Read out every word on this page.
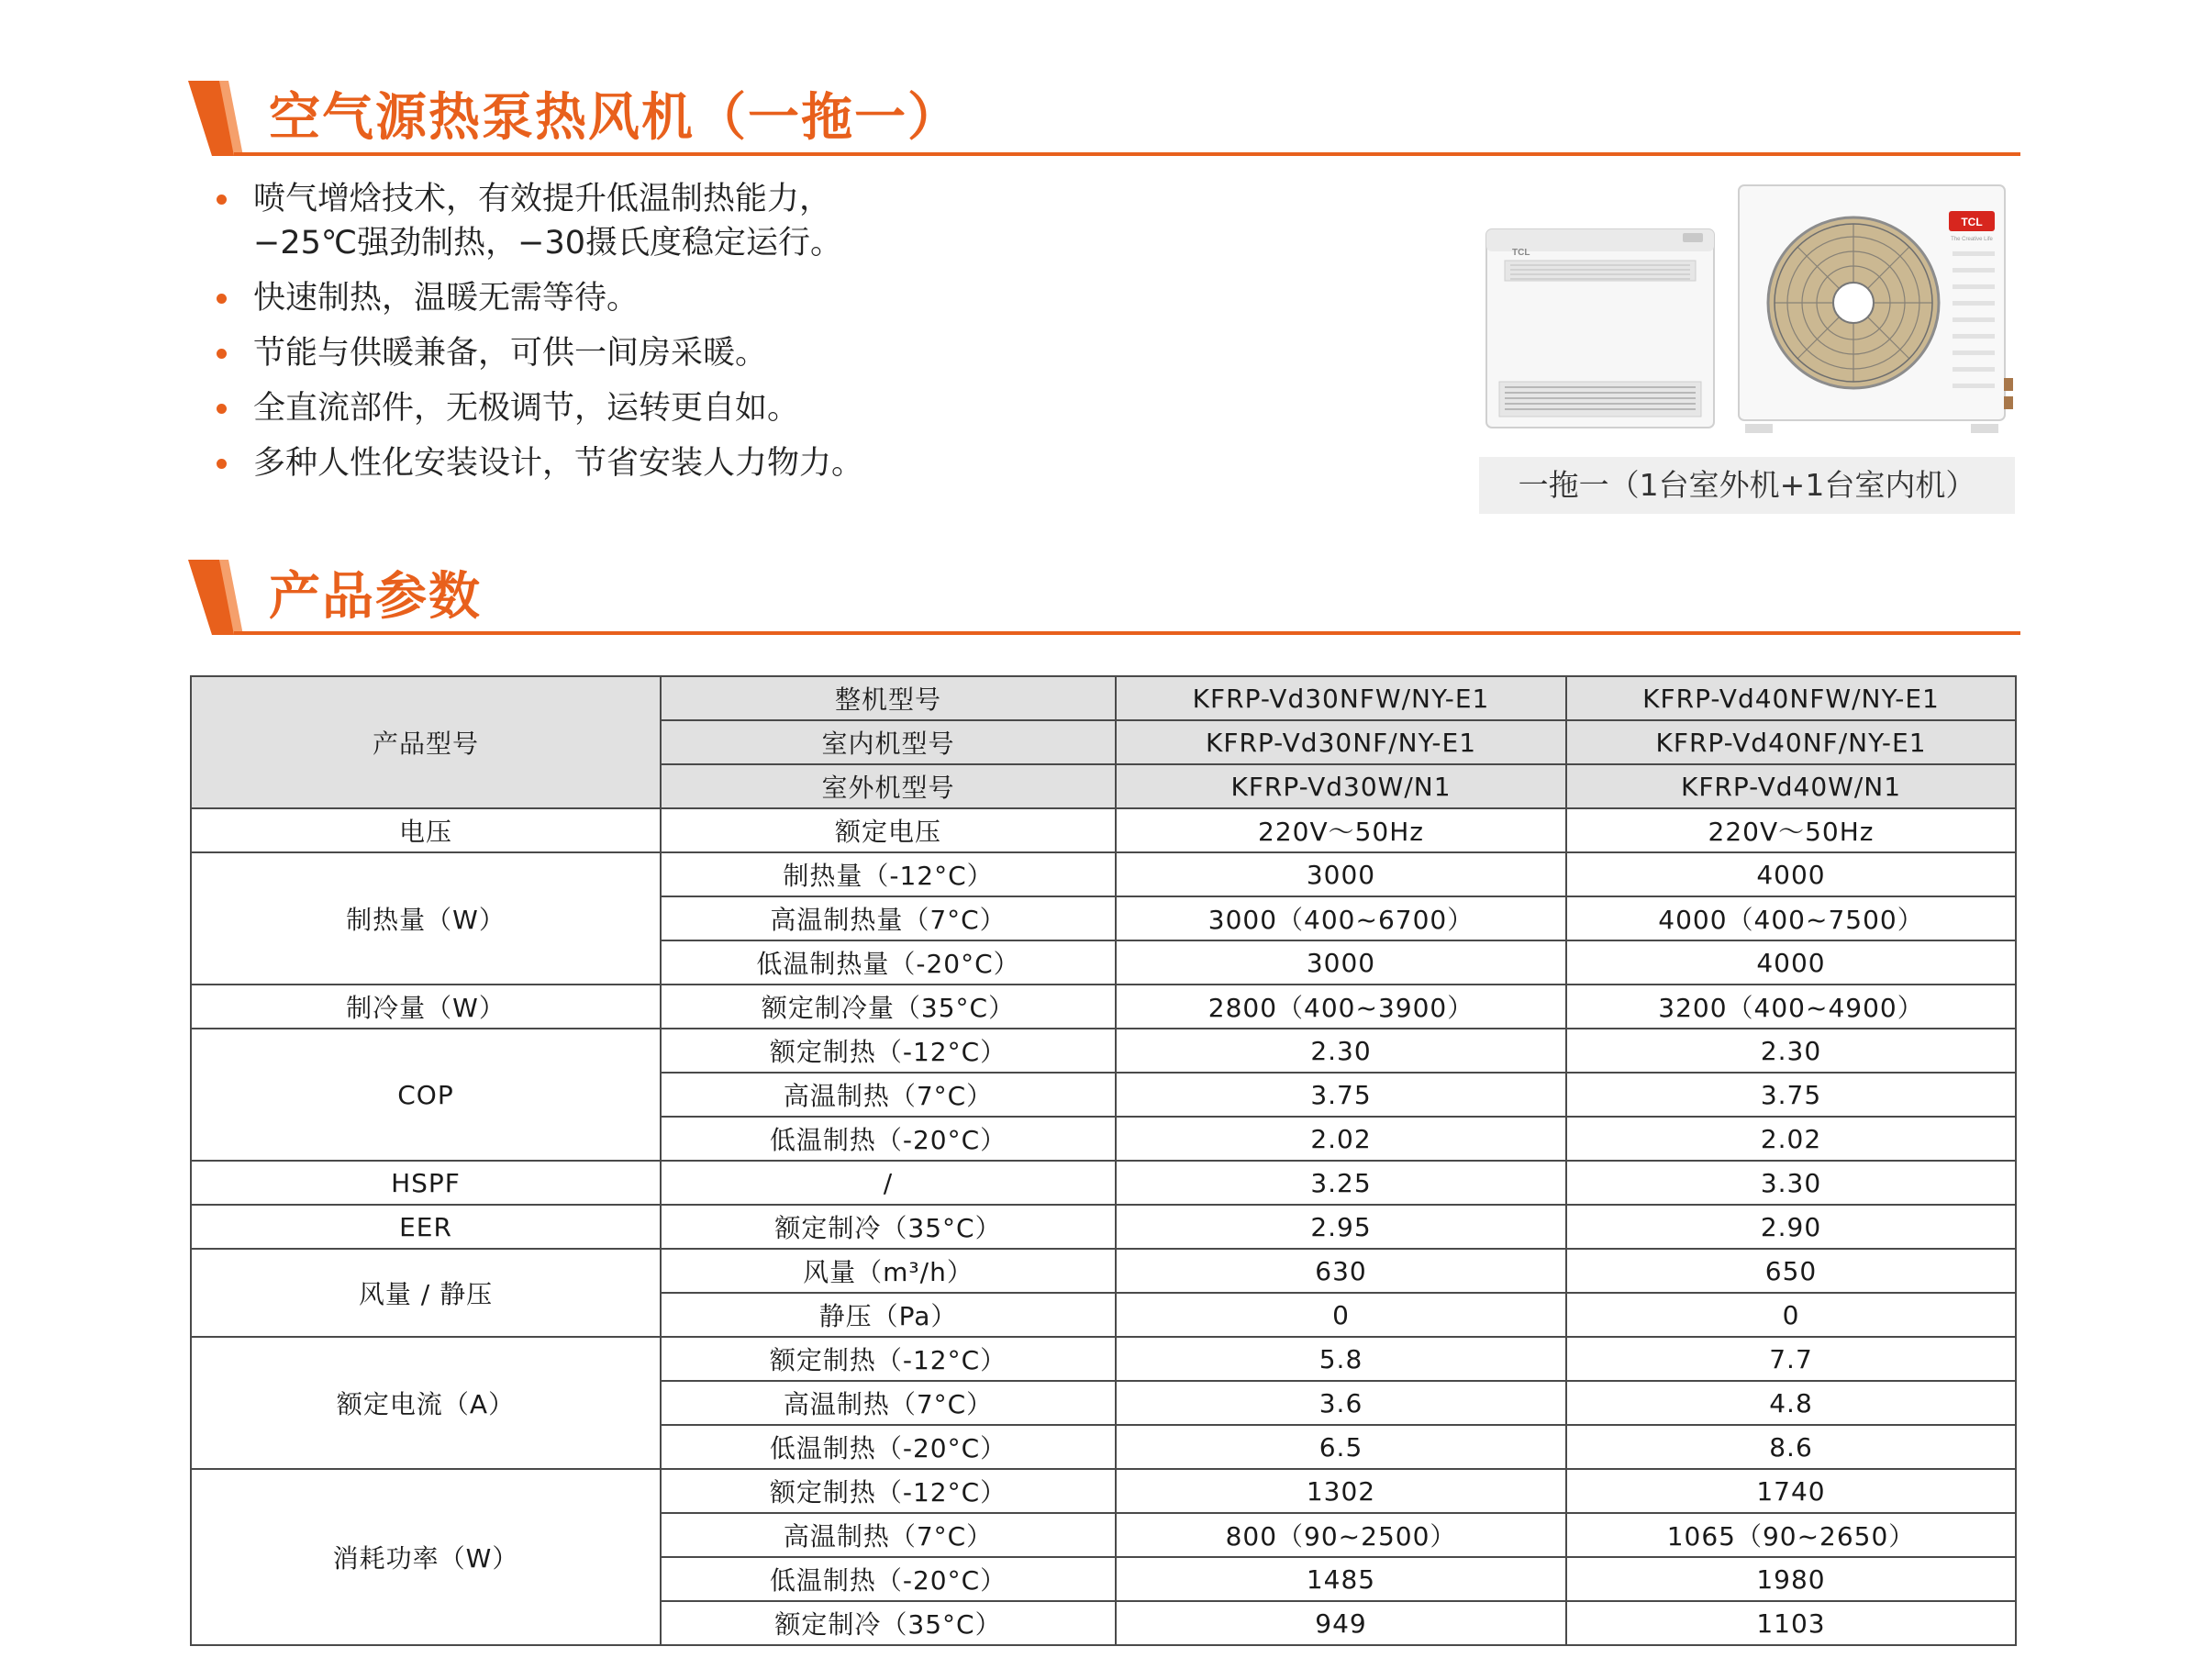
空气源热泵热风机（一拖一）
喷气增焓技术，有效提升低温制热能力，
−25℃强劲制热，−30摄氏度稳定运行。
快速制热，温暖无需等待。
节能与供暖兼备，可供一间房采暖。
全直流部件，无极调节，运转更自如。
多种人性化安装设计，节省安装人力物力。
TCL
TCL
The Creative Life
一拖一（1台室外机+1台室内机）
产品参数
产品型号	整机型号	KFRP-Vd30NFW/NY-E1	KFRP-Vd40NFW/NY-E1
	室内机型号	KFRP-Vd30NF/NY-E1	KFRP-Vd40NF/NY-E1
	室外机型号	KFRP-Vd30W/N1	KFRP-Vd40W/N1
电压	额定电压	220V～50Hz	220V～50Hz
制热量（W）	制热量（-12°C）	3000	4000
	高温制热量（7°C）	3000（400~6700）	4000（400~7500）
	低温制热量（-20°C）	3000	4000
制冷量（W）	额定制冷量（35°C）	2800（400~3900）	3200（400~4900）
COP	额定制热（-12°C）	2.30	2.30
	高温制热（7°C）	3.75	3.75
	低温制热（-20°C）	2.02	2.02
HSPF	/	3.25	3.30
EER	额定制冷（35°C）	2.95	2.90
风量 / 静压	风量（m³/h）	630	650
	静压（Pa）	0	0
额定电流（A）	额定制热（-12°C）	5.8	7.7
	高温制热（7°C）	3.6	4.8
	低温制热（-20°C）	6.5	8.6
消耗功率（W）	额定制热（-12°C）	1302	1740
	高温制热（7°C）	800（90~2500）	1065（90~2650）
	低温制热（-20°C）	1485	1980
	额定制冷（35°C）	949	1103
